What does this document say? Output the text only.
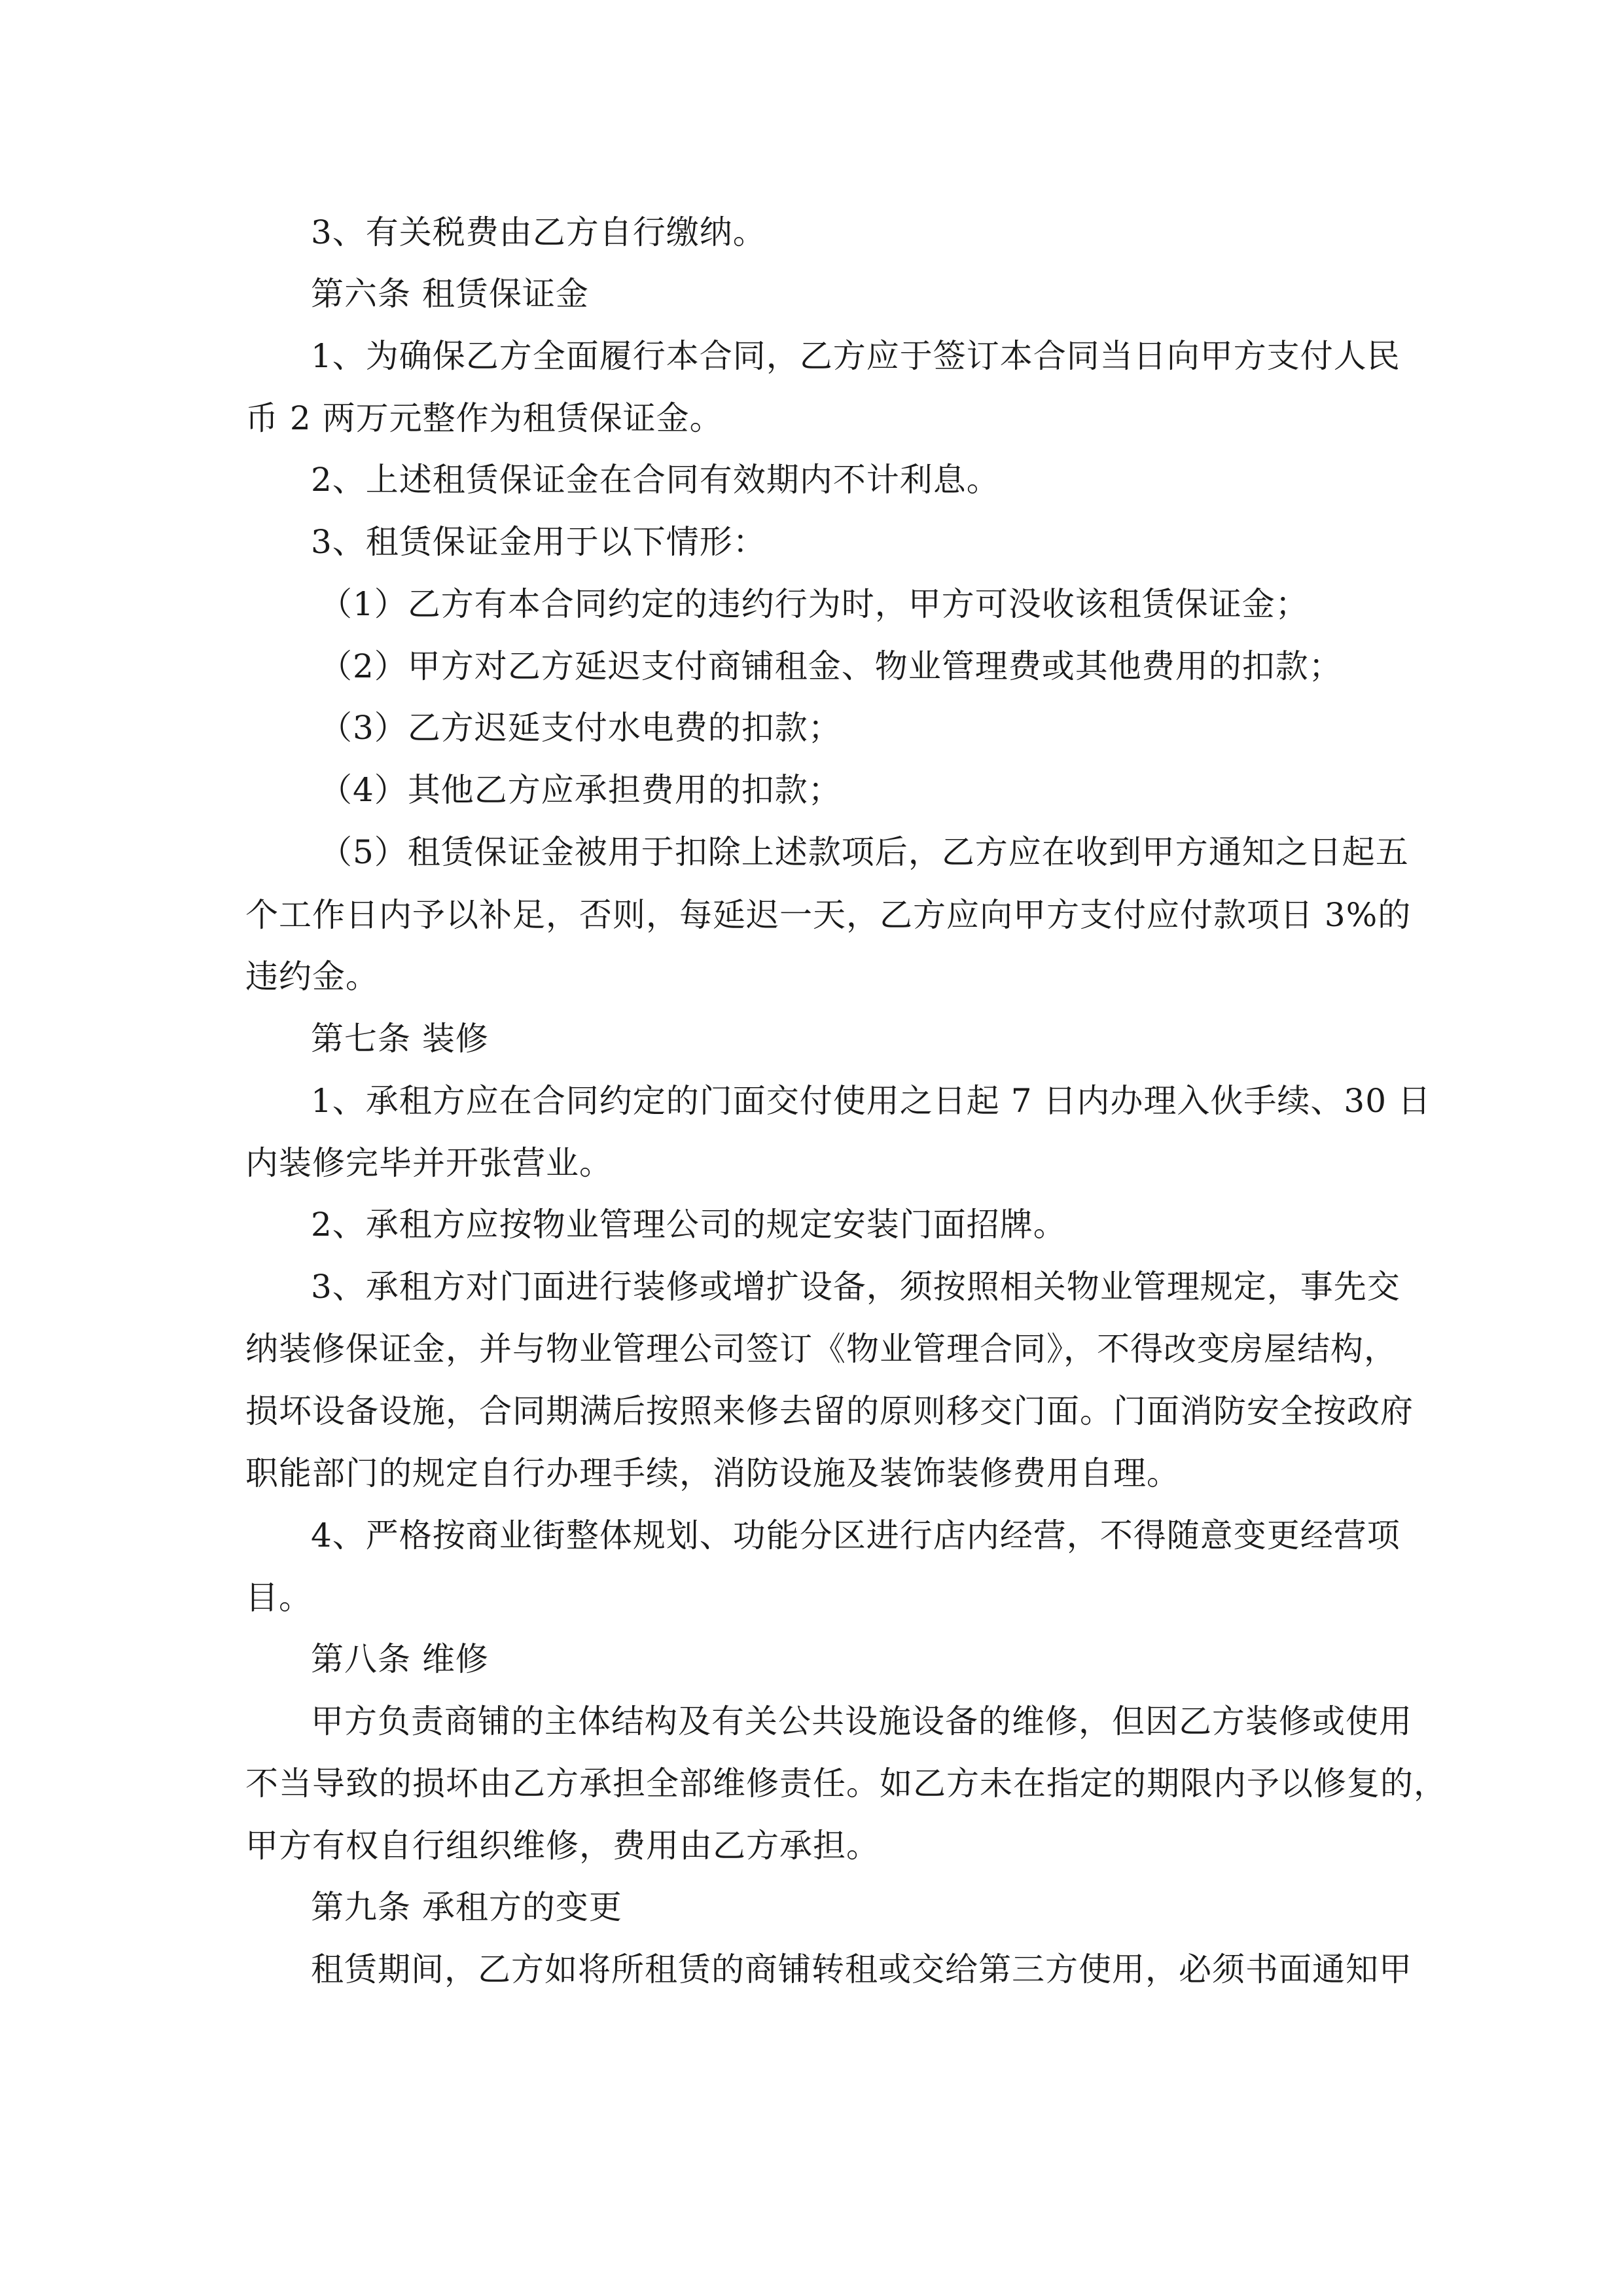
3、有关税费由乙方自行缴纳。
第六条 租赁保证金
1、为确保乙方全面履行本合同，乙方应于签订本合同当日向甲方支付人民
币 2 两万元整作为租赁保证金。
2、上述租赁保证金在合同有效期内不计利息。
3、租赁保证金用于以下情形：
（1）乙方有本合同约定的违约行为时，甲方可没收该租赁保证金；
（2）甲方对乙方延迟支付商铺租金、物业管理费或其他费用的扣款；
（3）乙方迟延支付水电费的扣款；
（4）其他乙方应承担费用的扣款；
（5）租赁保证金被用于扣除上述款项后，乙方应在收到甲方通知之日起五
个工作日内予以补足，否则，每延迟一天，乙方应向甲方支付应付款项日 3%的
违约金。
第七条 装修
1、承租方应在合同约定的门面交付使用之日起 7 日内办理入伙手续、30 日
内装修完毕并开张营业。
2、承租方应按物业管理公司的规定安装门面招牌。
3、承租方对门面进行装修或增扩设备，须按照相关物业管理规定，事先交
纳装修保证金，并与物业管理公司签订《物业管理合同》，不得改变房屋结构，
损坏设备设施，合同期满后按照来修去留的原则移交门面。门面消防安全按政府
职能部门的规定自行办理手续，消防设施及装饰装修费用自理。
4、严格按商业街整体规划、功能分区进行店内经营，不得随意变更经营项
目。
第八条 维修
甲方负责商铺的主体结构及有关公共设施设备的维修，但因乙方装修或使用
不当导致的损坏由乙方承担全部维修责任。如乙方未在指定的期限内予以修复的，
甲方有权自行组织维修，费用由乙方承担。
第九条 承租方的变更
租赁期间，乙方如将所租赁的商铺转租或交给第三方使用，必须书面通知甲
